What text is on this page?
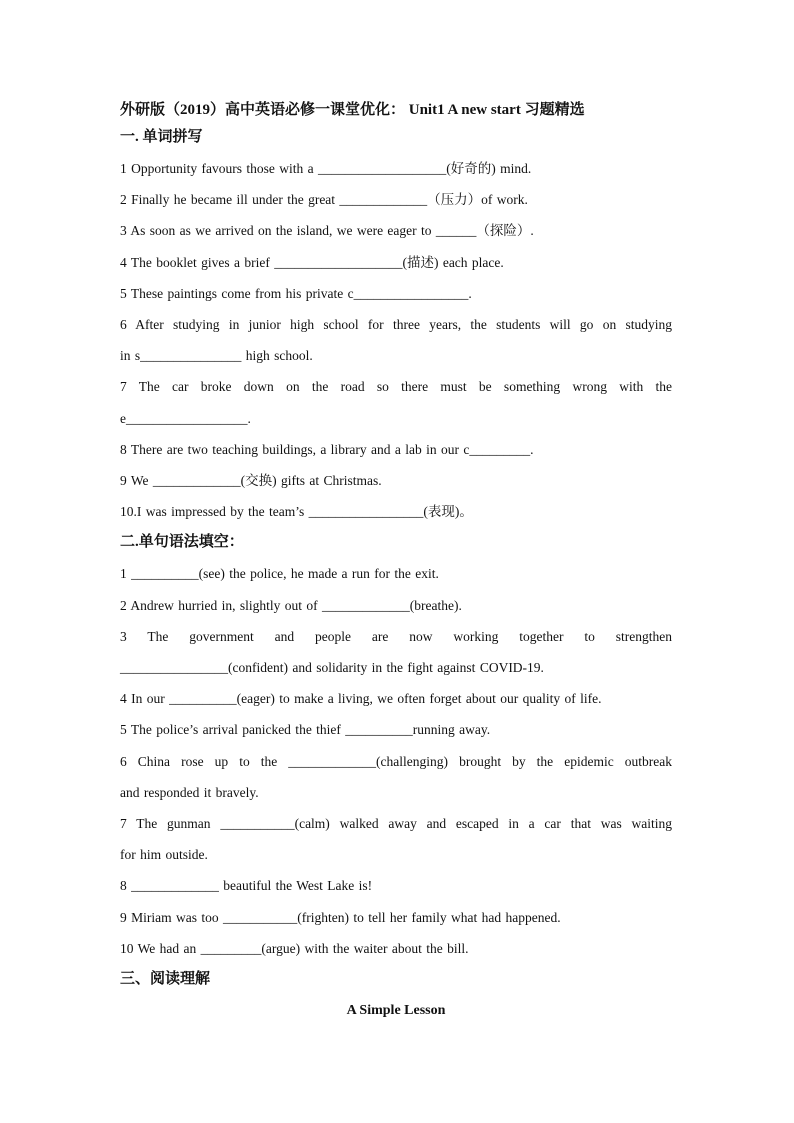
外研版（2019）高中英语必修一课堂优化： Unit1 A new start 习题精选

一. 单词拼写

1 Opportunity favours those with a ___________________(好奇的) mind.

2 Finally he became ill under the great _____________（压力）of work.

3 As soon as we arrived on the island, we were eager to ______（探险）.

4 The booklet gives a brief ___________________(描述) each place.

5 These paintings come from his private c_________________.

6 After studying in junior high school for three years, the students will go on studying

in s_______________ high school.

7 The car broke down on the road so there must be something wrong with the

e__________________.

8 There are two teaching buildings, a library and a lab in our c_________.

9 We _____________(交换) gifts at Christmas.

10.I was impressed by the team’s _________________(表现)。

二.单句语法填空：

1 __________(see) the police, he made a run for the exit.

2 Andrew hurried in, slightly out of _____________(breathe).

3 The government and people are now working together to strengthen

________________(confident) and solidarity in the fight against COVID-19.

4 In our __________(eager) to make a living, we often forget about our quality of life.

5 The police’s arrival panicked the thief __________running away.

6 China rose up to the _____________(challenging) brought by the epidemic outbreak

and responded it bravely.

7 The gunman ___________(calm) walked away and escaped in a car that was waiting

for him outside.

8 _____________ beautiful the West Lake is!

9 Miriam was too ___________(frighten) to tell her family what had happened.

10 We had an _________(argue) with the waiter about the bill.

三、阅读理解

A Simple Lesson
